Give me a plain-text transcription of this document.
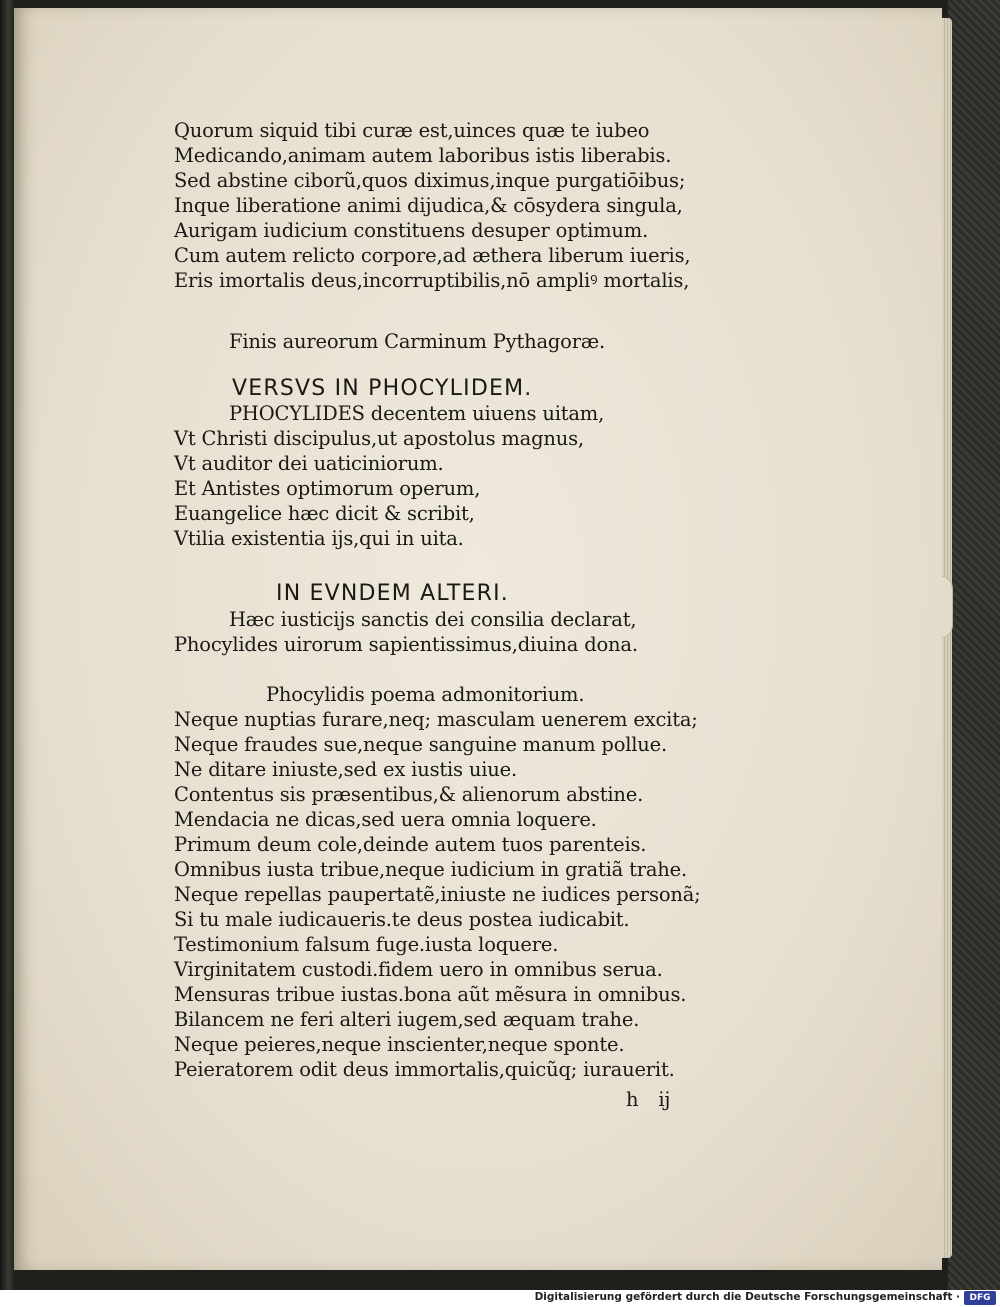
Quorum siquid tibi curæ est,uinces quæ te iubeo
Medicando,animam autem laboribus istis liberabis.
Sed abstine ciborũ,quos diximus,inque purgatiōibus;
Inque liberatione animi dijudica,& cōsydera singula,
Aurigam iudicium constituens desuper optimum.
Cum autem relicto corpore,ad æthera liberum iueris,
Eris imortalis deus,incorruptibilis,nō ampliꝰ mortalis,
Finis aureorum Carminum Pythagoræ.
VERSVS IN PHOCYLIDEM.
PHOCYLIDES decentem uiuens uitam,
Vt Christi discipulus,ut apostolus magnus,
Vt auditor dei uaticiniorum.
Et Antistes optimorum operum,
Euangelice hæc dicit & scribit,
Vtilia existentia ijs,qui in uita.
IN EVNDEM ALTERI.
Hæc iusticijs sanctis dei consilia declarat,
Phocylides uirorum sapientissimus,diuina dona.
Phocylidis poema admonitorium.
Neque nuptias furare,neq; masculam uenerem excita;
Neque fraudes sue,neque sanguine manum pollue.
Ne ditare iniuste,sed ex iustis uiue.
Contentus sis præsentibus,& alienorum abstine.
Mendacia ne dicas,sed uera omnia loquere.
Primum deum cole,deinde autem tuos parenteis.
Omnibus iusta tribue,neque iudicium in gratiã trahe.
Neque repellas paupertatẽ,iniuste ne iudices personã;
Si tu male iudicaueris.te deus postea iudicabit.
Testimonium falsum fuge.iusta loquere.
Virginitatem custodi.fidem uero in omnibus serua.
Mensuras tribue iustas.bona aũt mẽsura in omnibus.
Bilancem ne feri alteri iugem,sed æquam trahe.
Neque peieres,neque inscienter,neque sponte.
Peieratorem odit deus immortalis,quicũq; iurauerit.
h ij
Digitalisierung gefördert durch die Deutsche Forschungsgemeinschaft ·	DFG
